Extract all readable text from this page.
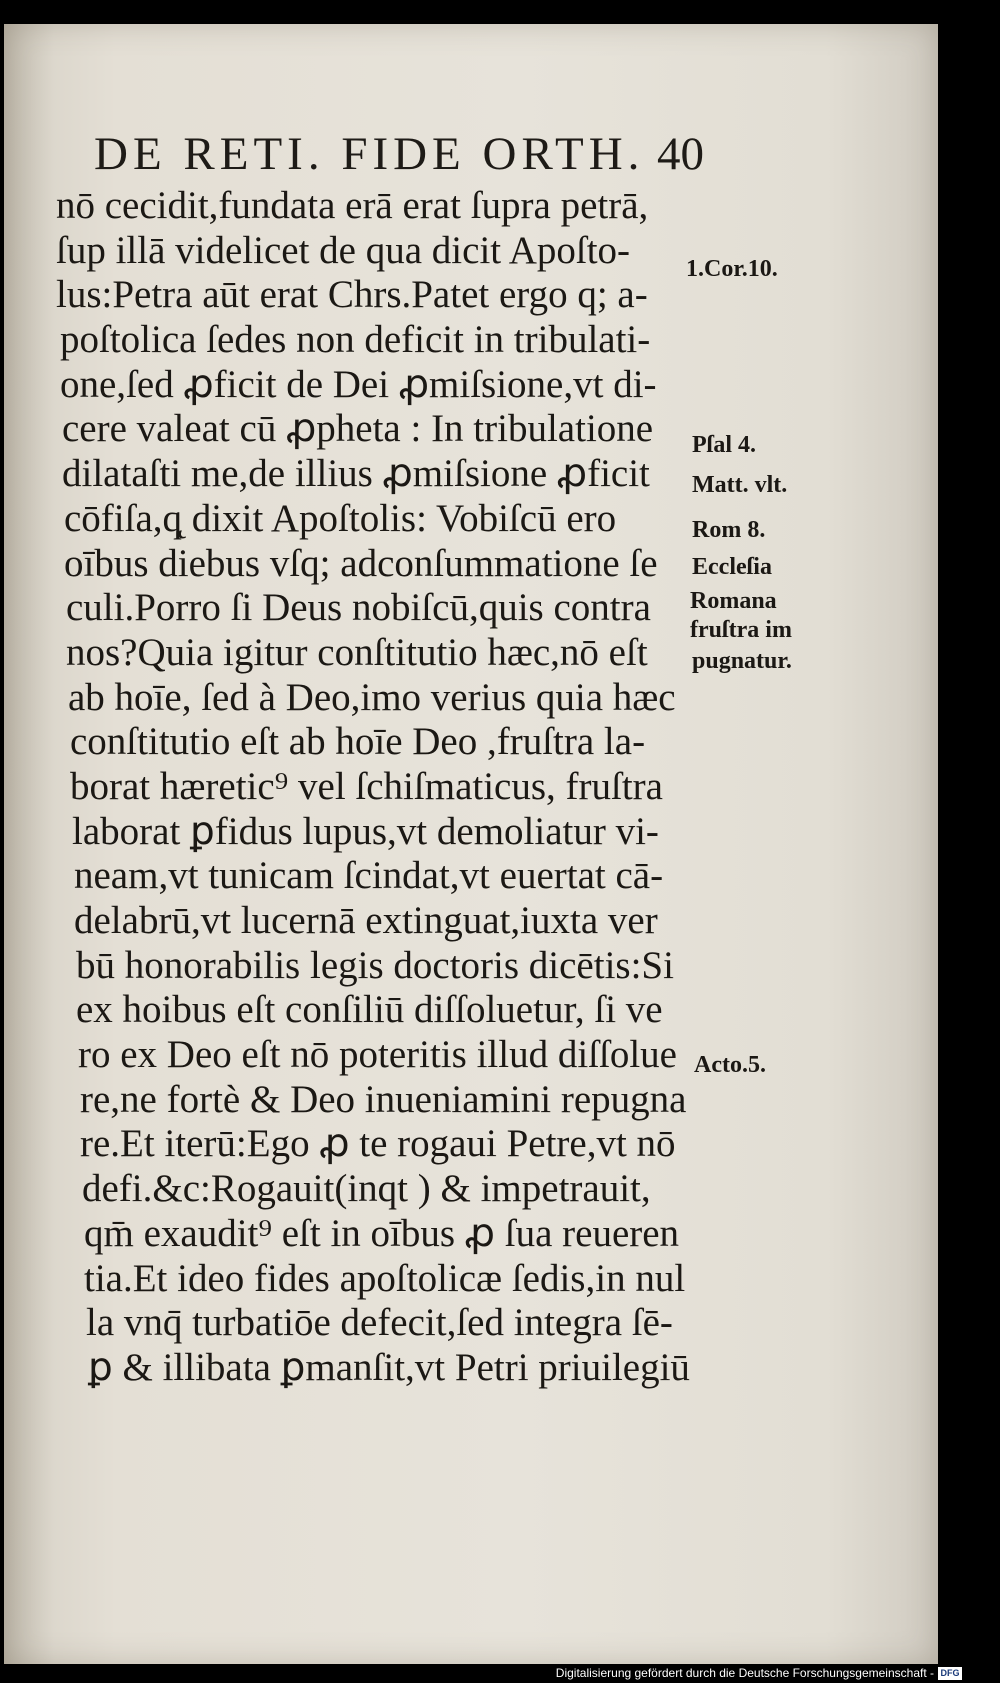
DE RETI. FIDE ORTH. 40
nō cecidit,fundata erā erat ſupra petrā,
ſup illā videlicet de qua dicit Apoſto-
lus:Petra aūt erat Chrs.Patet ergo q; a-
poſtolica ſedes non deficit in tribulati-
one,ſed ꝓficit de Dei ꝓmiſsione,vt di-
cere valeat cū ꝓpheta : In tribulatione
dilataſti me,de illius ꝓmiſsione ꝓficit
cōfiſa,q̨ dixit Apoſtolis: Vobiſcū ero
oībus diebus vſq; adconſummatione ſe
culi.Porro ſi Deus nobiſcū,quis contra
nos?Quia igitur conſtitutio hæc,nō eſt
ab hoīe, ſed à Deo,imo verius quia hæc
conſtitutio eſt ab hoīe Deo ,fruſtra la-
borat hæretic⁹ vel ſchiſmaticus, fruſtra
laborat ꝑfidus lupus,vt demoliatur vi-
neam,vt tunicam ſcindat,vt euertat cā-
delabrū,vt lucernā extinguat,iuxta ver
bū honorabilis legis doctoris dicētis:Si
ex hoibus eſt conſiliū diſſoluetur, ſi ve
ro ex Deo eſt nō poteritis illud diſſolue
re,ne fortè & Deo inueniamini repugna
re.Et iterū:Ego ꝓ te rogaui Petre,vt nō
defi.&c:Rogauit(inqt ) & impetrauit,
qm̄ exaudit⁹ eſt in oībus ꝓ ſua reueren
tia.Et ideo fides apoſtolicæ ſedis,in nul
la vnq̄ turbatiōe defecit,ſed integra ſē-
ꝑ & illibata ꝑmanſit,vt Petri priuilegiū
1.Cor.10.
Pſal 4.
Matt. vlt.
Rom 8.
Eccleſia
Romana
fruſtra im
pugnatur.
Acto.5.
Digitalisierung gefördert durch die Deutsche Forschungsgemeinschaft - DFG
